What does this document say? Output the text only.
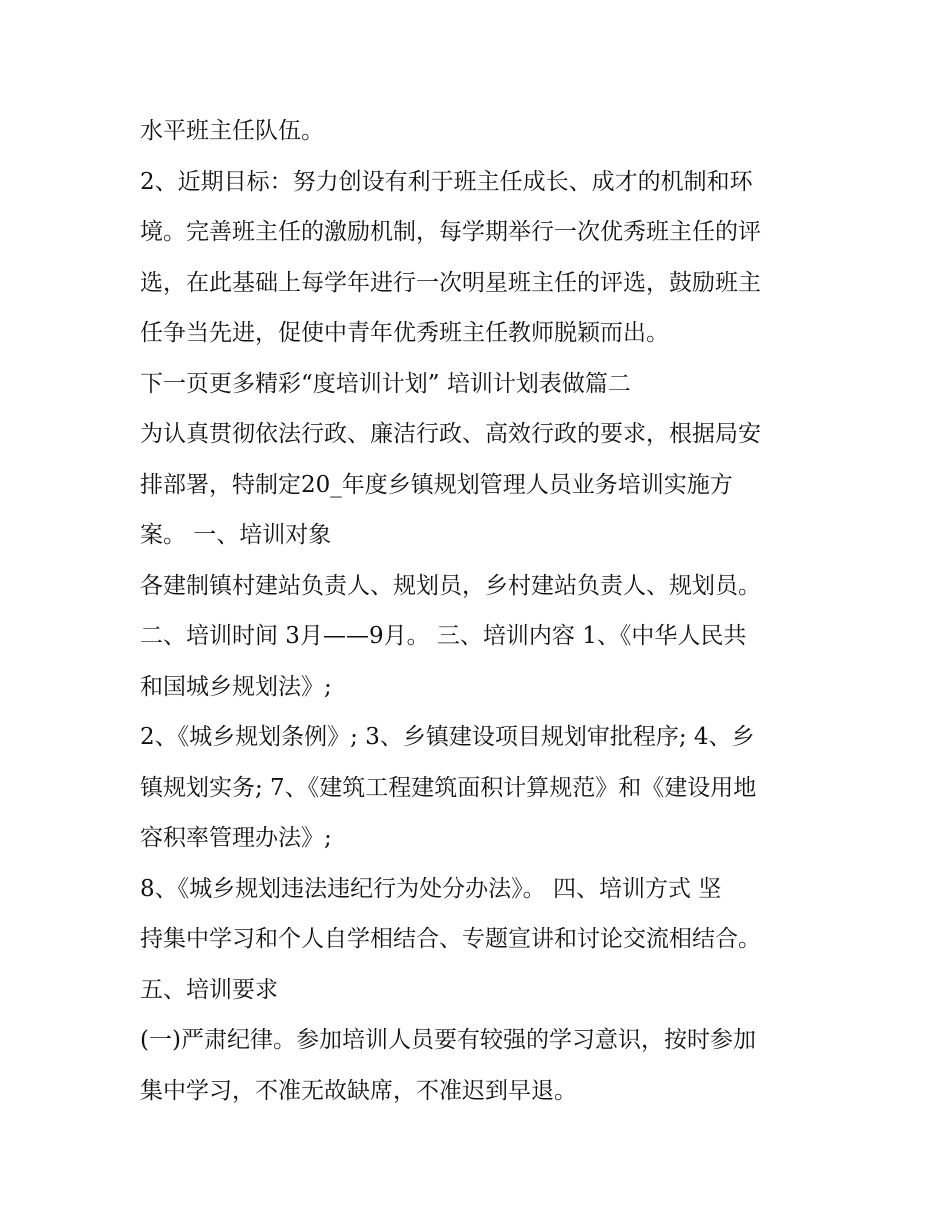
水平班主任队伍。
2、近期目标：努力创设有利于班主任成长、成才的机制和环
境。完善班主任的激励机制，每学期举行一次优秀班主任的评
选，在此基础上每学年进行一次明星班主任的评选，鼓励班主
任争当先进，促使中青年优秀班主任教师脱颖而出。
下一页更多精彩“度培训计划” 培训计划表做篇二
为认真贯彻依法行政、廉洁行政、高效行政的要求，根据局安
排部署，特制定20_年度乡镇规划管理人员业务培训实施方
案。 一、培训对象
各建制镇村建站负责人、规划员，乡村建站负责人、规划员。
二、培训时间 3月——9月。 三、培训内容 1、《中华人民共
和国城乡规划法》;
2、《城乡规划条例》; 3、乡镇建设项目规划审批程序; 4、乡
镇规划实务; 7、《建筑工程建筑面积计算规范》和《建设用地
容积率管理办法》;
8、《城乡规划违法违纪行为处分办法》。 四、培训方式 坚
持集中学习和个人自学相结合、专题宣讲和讨论交流相结合。
五、培训要求
(一)严肃纪律。参加培训人员要有较强的学习意识，按时参加
集中学习，不准无故缺席，不准迟到早退。
